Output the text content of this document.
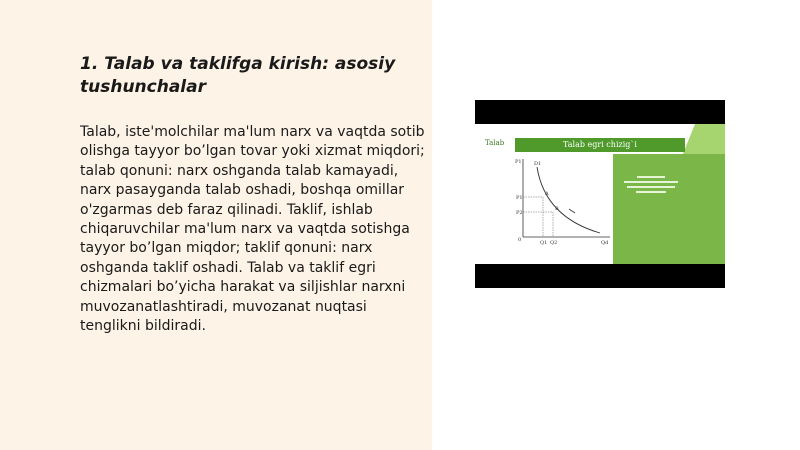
1. Talab va taklifga kirish: asosiy tushunchalar

Talab, iste'molchilar ma'lum narx va vaqtda sotib olishga tayyor bo’lgan tovar yoki xizmat miqdori; talab qonuni: narx oshganda talab kamayadi, narx pasayganda talab oshadi, boshqa omillar o'zgarmas deb faraz qilinadi. Taklif, ishlab chiqaruvchilar ma'lum narx va vaqtda sotishga tayyor bo’lgan miqdor; taklif qonuni: narx oshganda taklif oshadi. Talab va taklif egri chizmalari bo’yicha harakat va siljishlar narxni muvozanatlashtiradi, muvozanat nuqtasi tenglikni bildiradi.

Talab egri chizig`i
Talab
P1
Qd
D1
P1
P2
Q1 Q2
0
A
B
